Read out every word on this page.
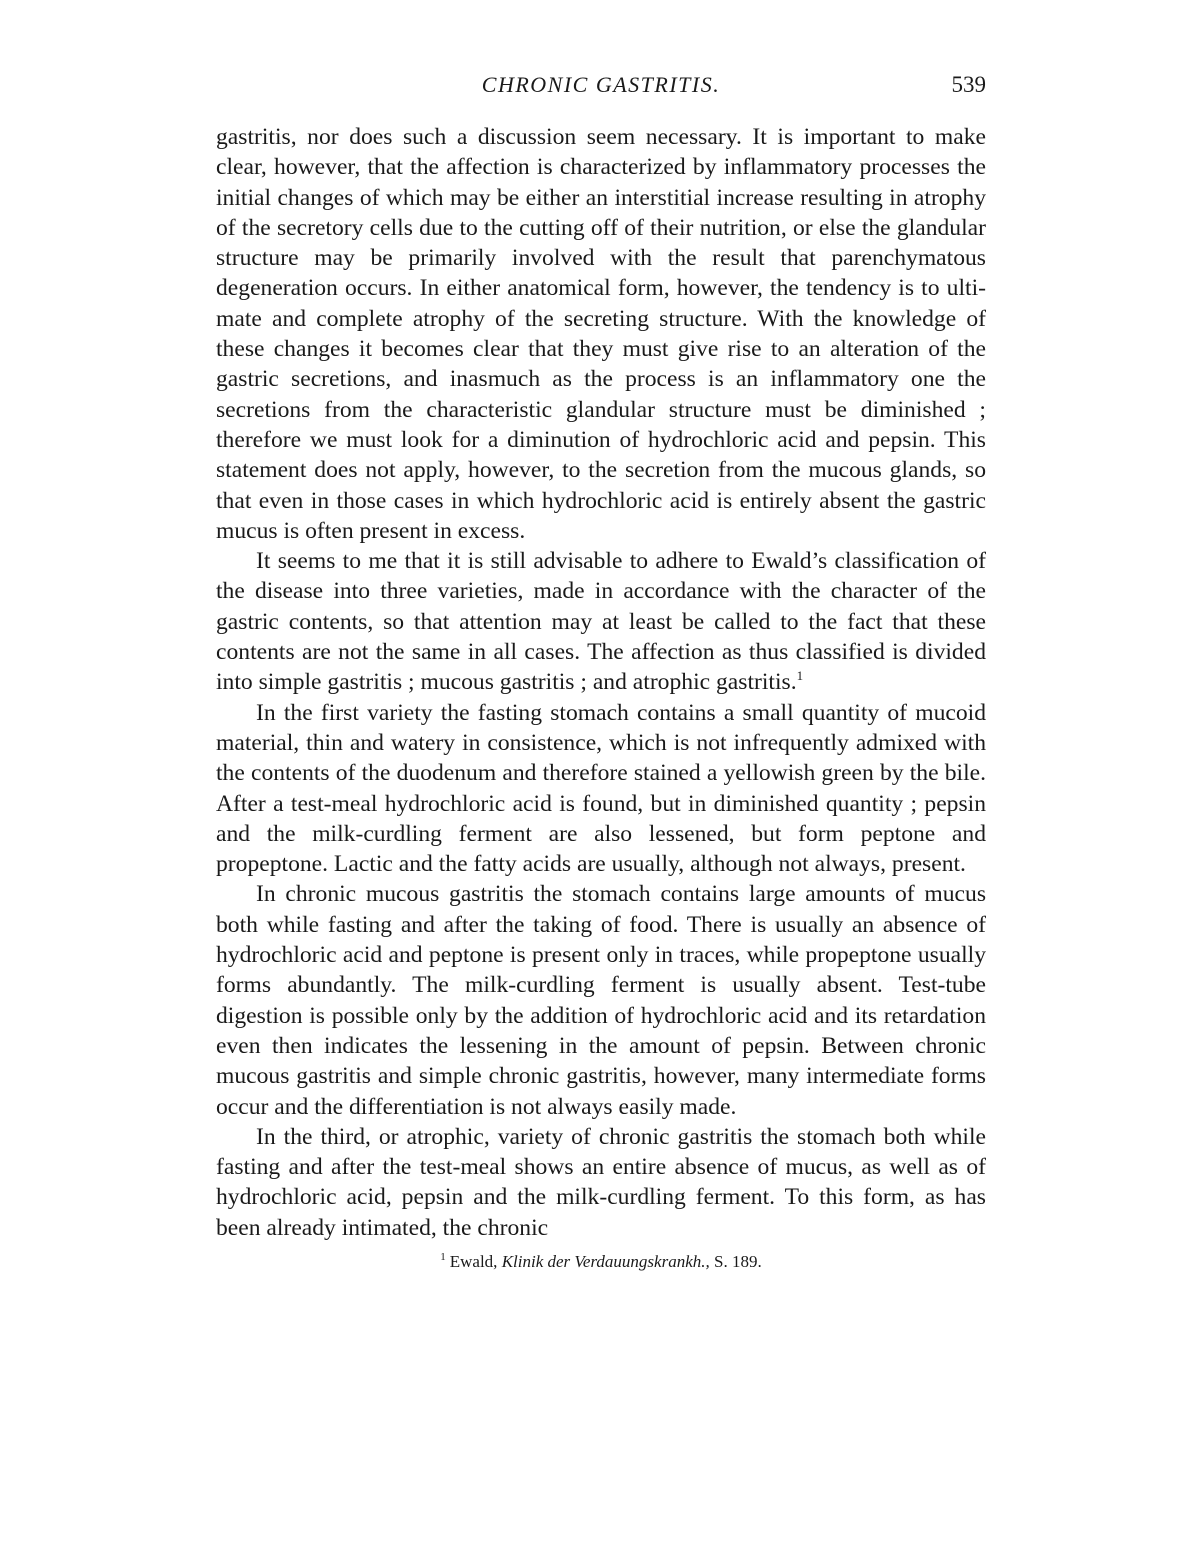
CHRONIC GASTRITIS.	539

gastritis, nor does such a discussion seem necessary. It is important to make clear, however, that the affection is characterized by inflammatory processes the initial changes of which may be either an interstitial increase resulting in atrophy of the secretory cells due to the cutting off of their nutrition, or else the glandular structure may be primarily involved with the result that parenchymatous degeneration occurs. In either anatomical form, however, the tendency is to ultimate and complete atrophy of the secreting structure. With the knowledge of these changes it becomes clear that they must give rise to an alteration of the gastric secretions, and inasmuch as the process is an inflammatory one the secretions from the characteristic glandular structure must be diminished ; therefore we must look for a diminution of hydrochloric acid and pepsin. This statement does not apply, however, to the secretion from the mucous glands, so that even in those cases in which hydrochloric acid is entirely absent the gastric mucus is often present in excess.

It seems to me that it is still advisable to adhere to Ewald’s classification of the disease into three varieties, made in accordance with the character of the gastric contents, so that attention may at least be called to the fact that these contents are not the same in all cases. The affection as thus classified is divided into simple gastritis ; mucous gastritis ; and atrophic gastritis.$^1$

In the first variety the fasting stomach contains a small quantity of mucoid material, thin and watery in consistence, which is not infrequently admixed with the contents of the duodenum and therefore stained a yellowish green by the bile. After a test-meal hydrochloric acid is found, but in diminished quantity ; pepsin and the milk-curdling ferment are also lessened, but form peptone and propeptone. Lactic and the fatty acids are usually, although not always, present.

In chronic mucous gastritis the stomach contains large amounts of mucus both while fasting and after the taking of food. There is usually an absence of hydrochloric acid and peptone is present only in traces, while propeptone usually forms abundantly. The milk-curdling ferment is usually absent. Test-tube digestion is possible only by the addition of hydrochloric acid and its retardation even then indicates the lessening in the amount of pepsin. Between chronic mucous gastritis and simple chronic gastritis, however, many intermediate forms occur and the differentiation is not always easily made.

In the third, or atrophic, variety of chronic gastritis the stomach both while fasting and after the test-meal shows an entire absence of mucus, as well as of hydrochloric acid, pepsin and the milk-curdling ferment. To this form, as has been already intimated, the chronic

$^1$ Ewald, Klinik der Verdauungskrankh., S. 189.
